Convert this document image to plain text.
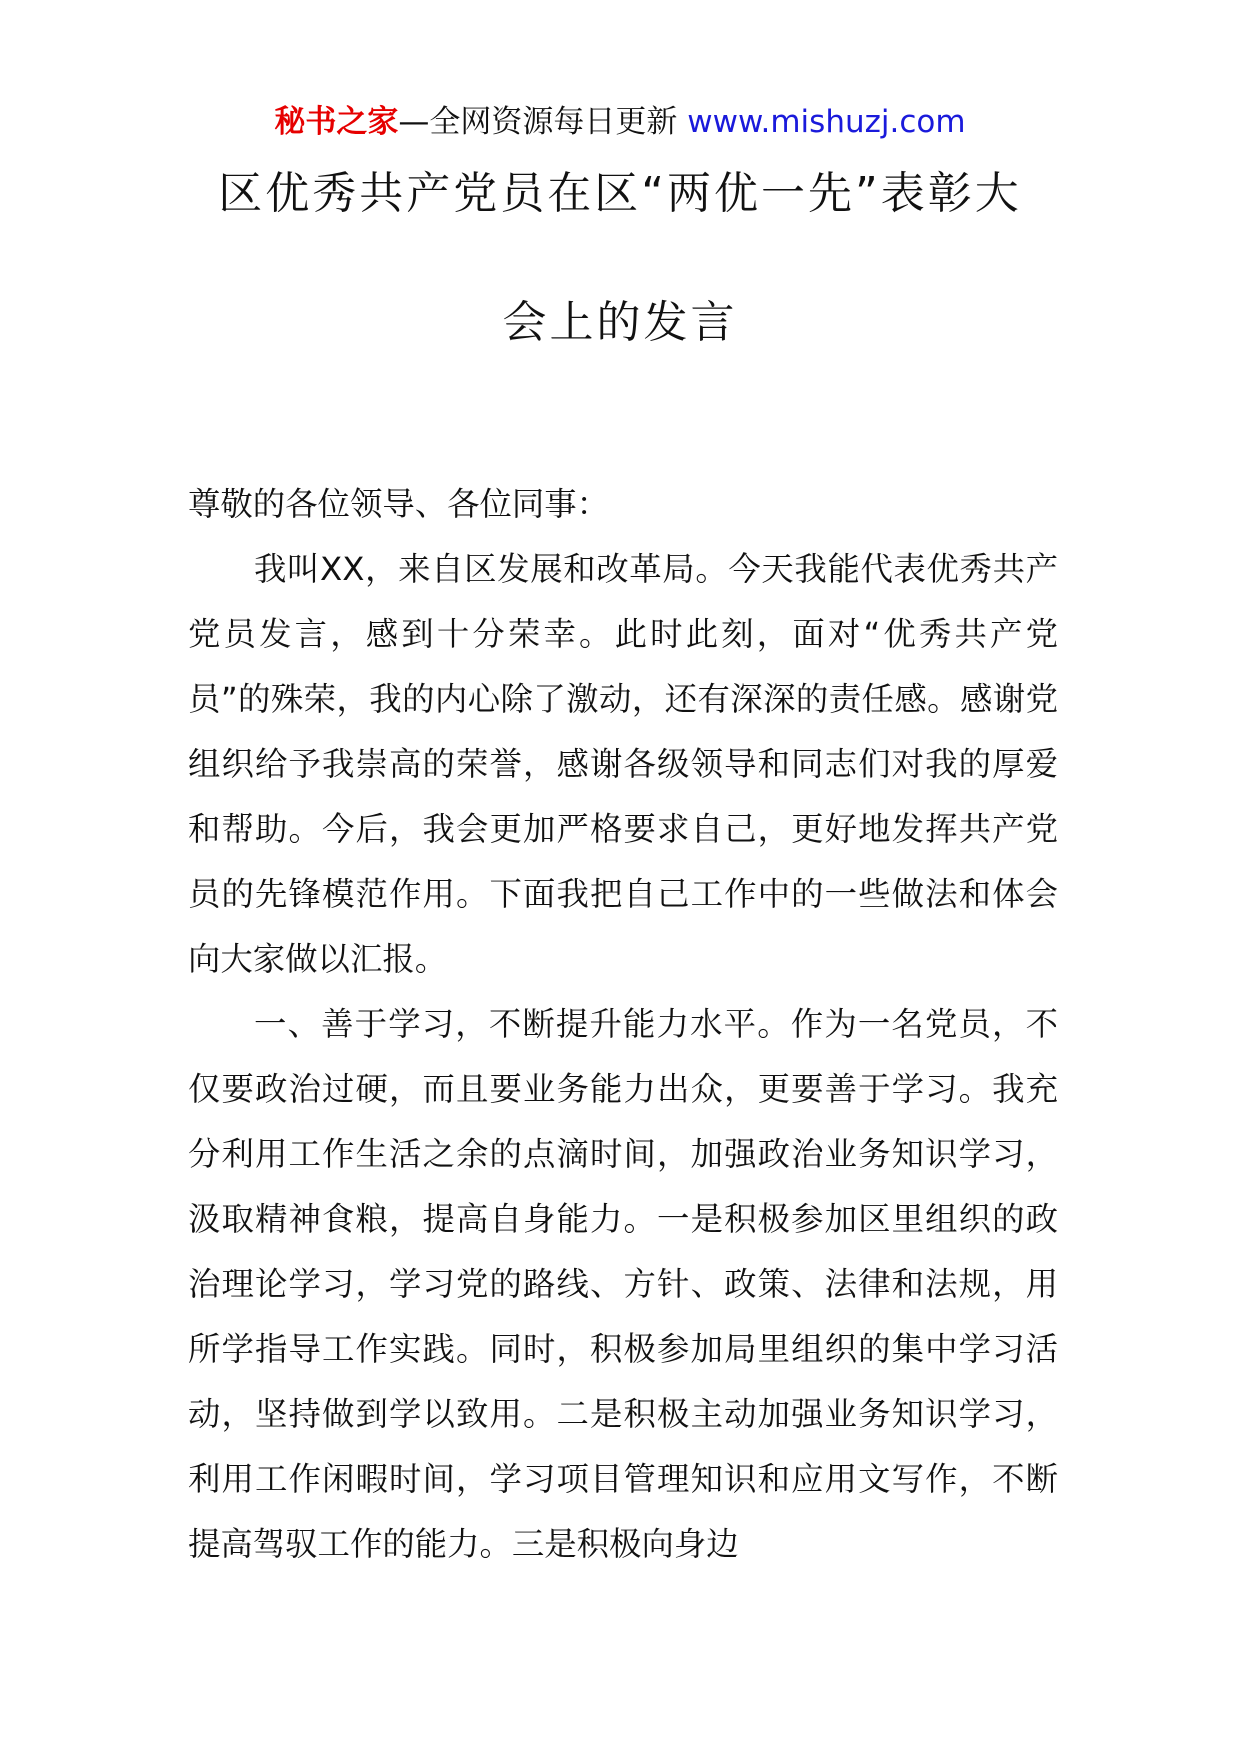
秘书之家—全网资源每日更新 www.mishuzj.com
区优秀共产党员在区“两优一先”表彰大
会上的发言

尊敬的各位领导、各位同事：

我叫XX，来自区发展和改革局。今天我能代表优秀共产党员发言，感到十分荣幸。此时此刻，面对“优秀共产党员”的殊荣，我的内心除了激动，还有深深的责任感。感谢党组织给予我崇高的荣誉，感谢各级领导和同志们对我的厚爱和帮助。今后，我会更加严格要求自己，更好地发挥共产党员的先锋模范作用。下面我把自己工作中的一些做法和体会向大家做以汇报。

一、善于学习，不断提升能力水平。作为一名党员，不仅要政治过硬，而且要业务能力出众，更要善于学习。我充分利用工作生活之余的点滴时间，加强政治业务知识学习，汲取精神食粮，提高自身能力。一是积极参加区里组织的政治理论学习，学习党的路线、方针、政策、法律和法规，用所学指导工作实践。同时，积极参加局里组织的集中学习活动，坚持做到学以致用。二是积极主动加强业务知识学习，利用工作闲暇时间，学习项目管理知识和应用文写作，不断提高驾驭工作的能力。三是积极向身边
